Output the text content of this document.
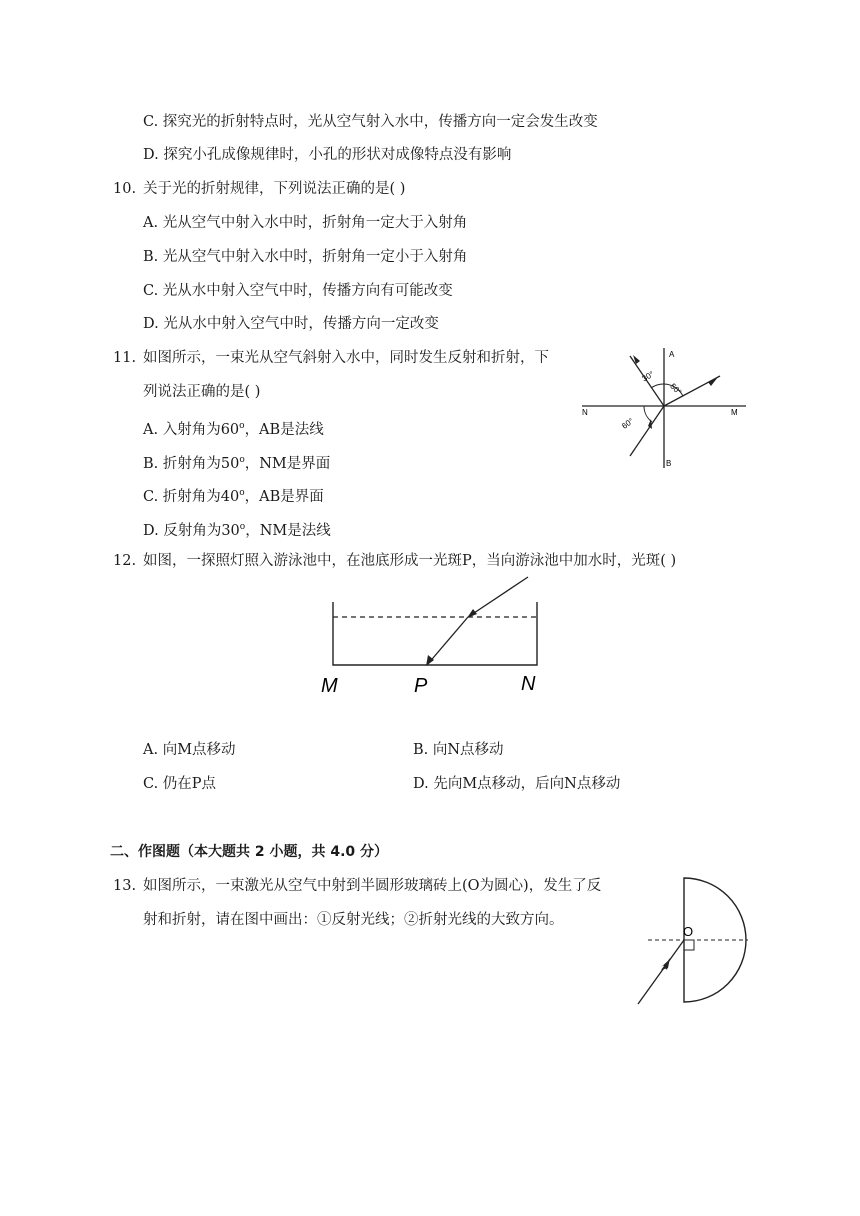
C. 探究光的折射特点时，光从空气射入水中，传播方向一定会发生改变
D. 探究小孔成像规律时，小孔的形状对成像特点没有影响
10. 关于光的折射规律，下列说法正确的是( )
A. 光从空气中射入水中时，折射角一定大于入射角
B. 光从空气中射入水中时，折射角一定小于入射角
C. 光从水中射入空气中时，传播方向有可能改变
D. 光从水中射入空气中时，传播方向一定改变
11. 如图所示，一束光从空气斜射入水中，同时发生反射和折射，下
列说法正确的是( )
A. 入射角为60$^o$，AB是法线
B. 折射角为50$^o$，NM是界面
C. 折射角为40$^o$，AB是界面
D. 反射角为30$^o$，NM是法线
A
B
N	M
30°
50°
60°
12. 如图，一探照灯照入游泳池中，在池底形成一光斑P，当向游泳池中加水时，光斑( )
M	P	N
A. 向M点移动	B. 向N点移动
C. 仍在P点	D. 先向M点移动，后向N点移动
二、作图题（本大题共 2 小题，共 4.0 分）
13. 如图所示，一束激光从空气中射到半圆形玻璃砖上(O为圆心)，发生了反
射和折射，请在图中画出：①反射光线；②折射光线的大致方向。
O
